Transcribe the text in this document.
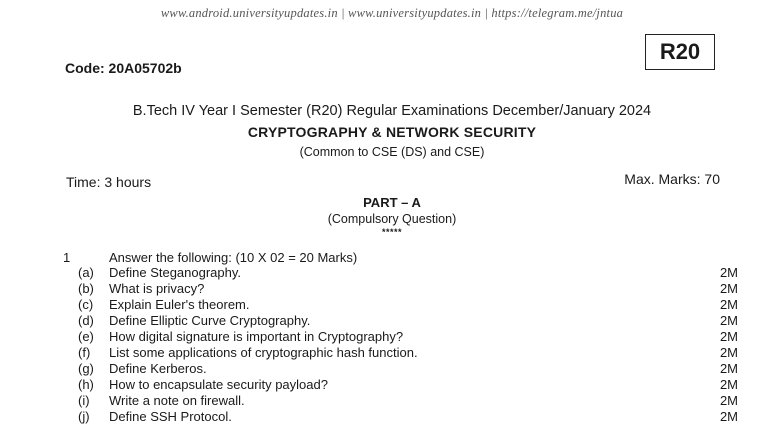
www.android.universityupdates.in | www.universityupdates.in | https://telegram.me/jntua
Code: 20A05702b
R20
B.Tech IV Year I Semester (R20) Regular Examinations December/January 2024
CRYPTOGRAPHY & NETWORK SECURITY
(Common to CSE (DS) and CSE)
Time: 3 hours	Max. Marks: 70
PART – A
(Compulsory Question)
*****
1	Answer the following: (10 X 02 = 20 Marks)
(a) Define Steganography.	2M
(b) What is privacy?	2M
(c) Explain Euler's theorem.	2M
(d) Define Elliptic Curve Cryptography.	2M
(e) How digital signature is important in Cryptography?	2M
(f) List some applications of cryptographic hash function.	2M
(g) Define Kerberos.	2M
(h) How to encapsulate security payload?	2M
(i) Write a note on firewall.	2M
(j) Define SSH Protocol.	2M
